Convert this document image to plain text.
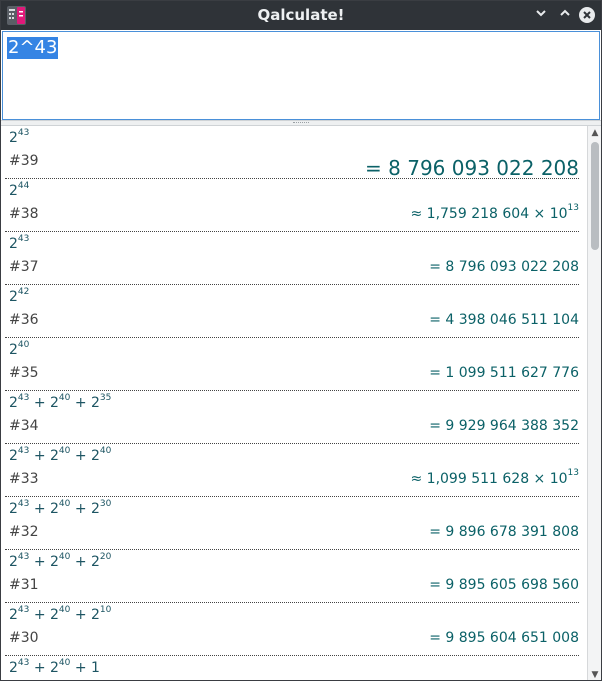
Qalculate!
2^43
$2^{43}$
#39	= 8 796 093 022 208
$2^{44}$
#38	≈ 1,759 218 $604 \times 10^{13}$
$2^{43}$
#37	= 8 796 093 022 208
$2^{42}$
#36	= 4 398 046 511 104
$2^{40}$
#35	= 1 099 511 627 776
$2^{43} + 2^{40} + 2^{35}$
#34	= 9 929 964 388 352
$2^{43} + 2^{40} + 2^{40}$
#33	≈ 1,099 511 $628 \times 10^{13}$
$2^{43} + 2^{40} + 2^{30}$
#32	= 9 896 678 391 808
$2^{43} + 2^{40} + 2^{20}$
#31	= 9 895 605 698 560
$2^{43} + 2^{40} + 2^{10}$
#30	= 9 895 604 651 008
$2^{43} + 2^{40} + 1$
▲
▼
